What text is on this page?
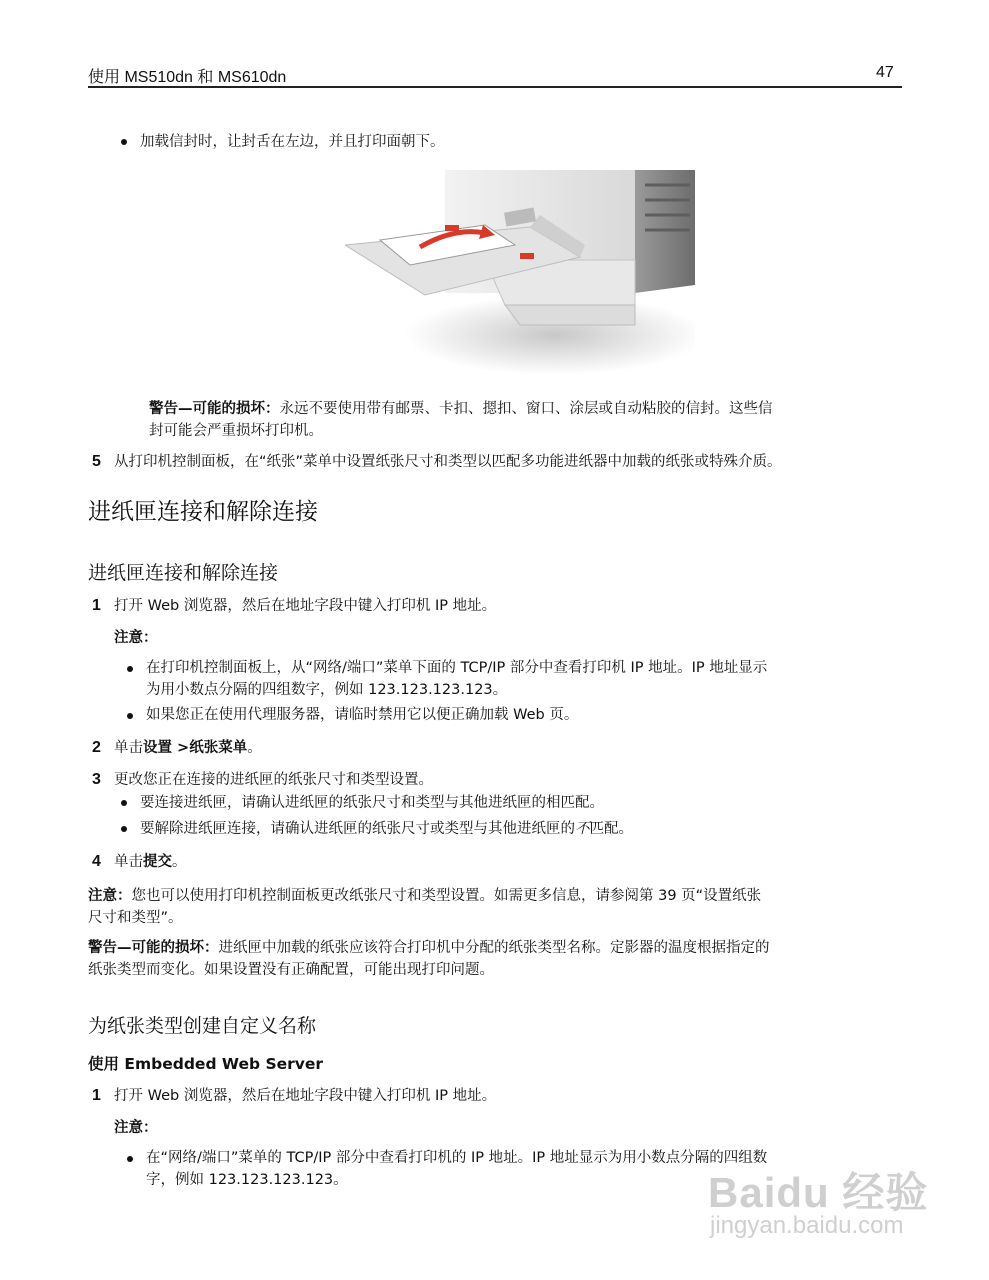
使用 MS510dn 和 MS610dn	47
加载信封时，让封舌在左边，并且打印面朝下。
警告—可能的损坏：永远不要使用带有邮票、卡扣、摁扣、窗口、涂层或自动粘胶的信封。这些信
封可能会严重损坏打印机。
5 从打印机控制面板，在“纸张”菜单中设置纸张尺寸和类型以匹配多功能进纸器中加载的纸张或特殊介质。
进纸匣连接和解除连接
进纸匣连接和解除连接
1 打开 Web 浏览器，然后在地址字段中键入打印机 IP 地址。
注意：
在打印机控制面板上，从“网络/端口”菜单下面的 TCP/IP 部分中查看打印机 IP 地址。IP 地址显示
为用小数点分隔的四组数字，例如 123.123.123.123。
如果您正在使用代理服务器，请临时禁用它以便正确加载 Web 页。
2 单击设置 >纸张菜单。
3 更改您正在连接的进纸匣的纸张尺寸和类型设置。
要连接进纸匣，请确认进纸匣的纸张尺寸和类型与其他进纸匣的相匹配。
要解除进纸匣连接，请确认进纸匣的纸张尺寸或类型与其他进纸匣的不匹配。
4 单击提交。
注意：您也可以使用打印机控制面板更改纸张尺寸和类型设置。如需更多信息，请参阅第 39 页“设置纸张
尺寸和类型”。
警告—可能的损坏：进纸匣中加载的纸张应该符合打印机中分配的纸张类型名称。定影器的温度根据指定的
纸张类型而变化。如果设置没有正确配置，可能出现打印问题。
为纸张类型创建自定义名称
使用 Embedded Web Server
1 打开 Web 浏览器，然后在地址字段中键入打印机 IP 地址。
注意：
在“网络/端口”菜单的 TCP/IP 部分中查看打印机的 IP 地址。IP 地址显示为用小数点分隔的四组数
字，例如 123.123.123.123。	Baidu 经验
jingyan.baidu.com
